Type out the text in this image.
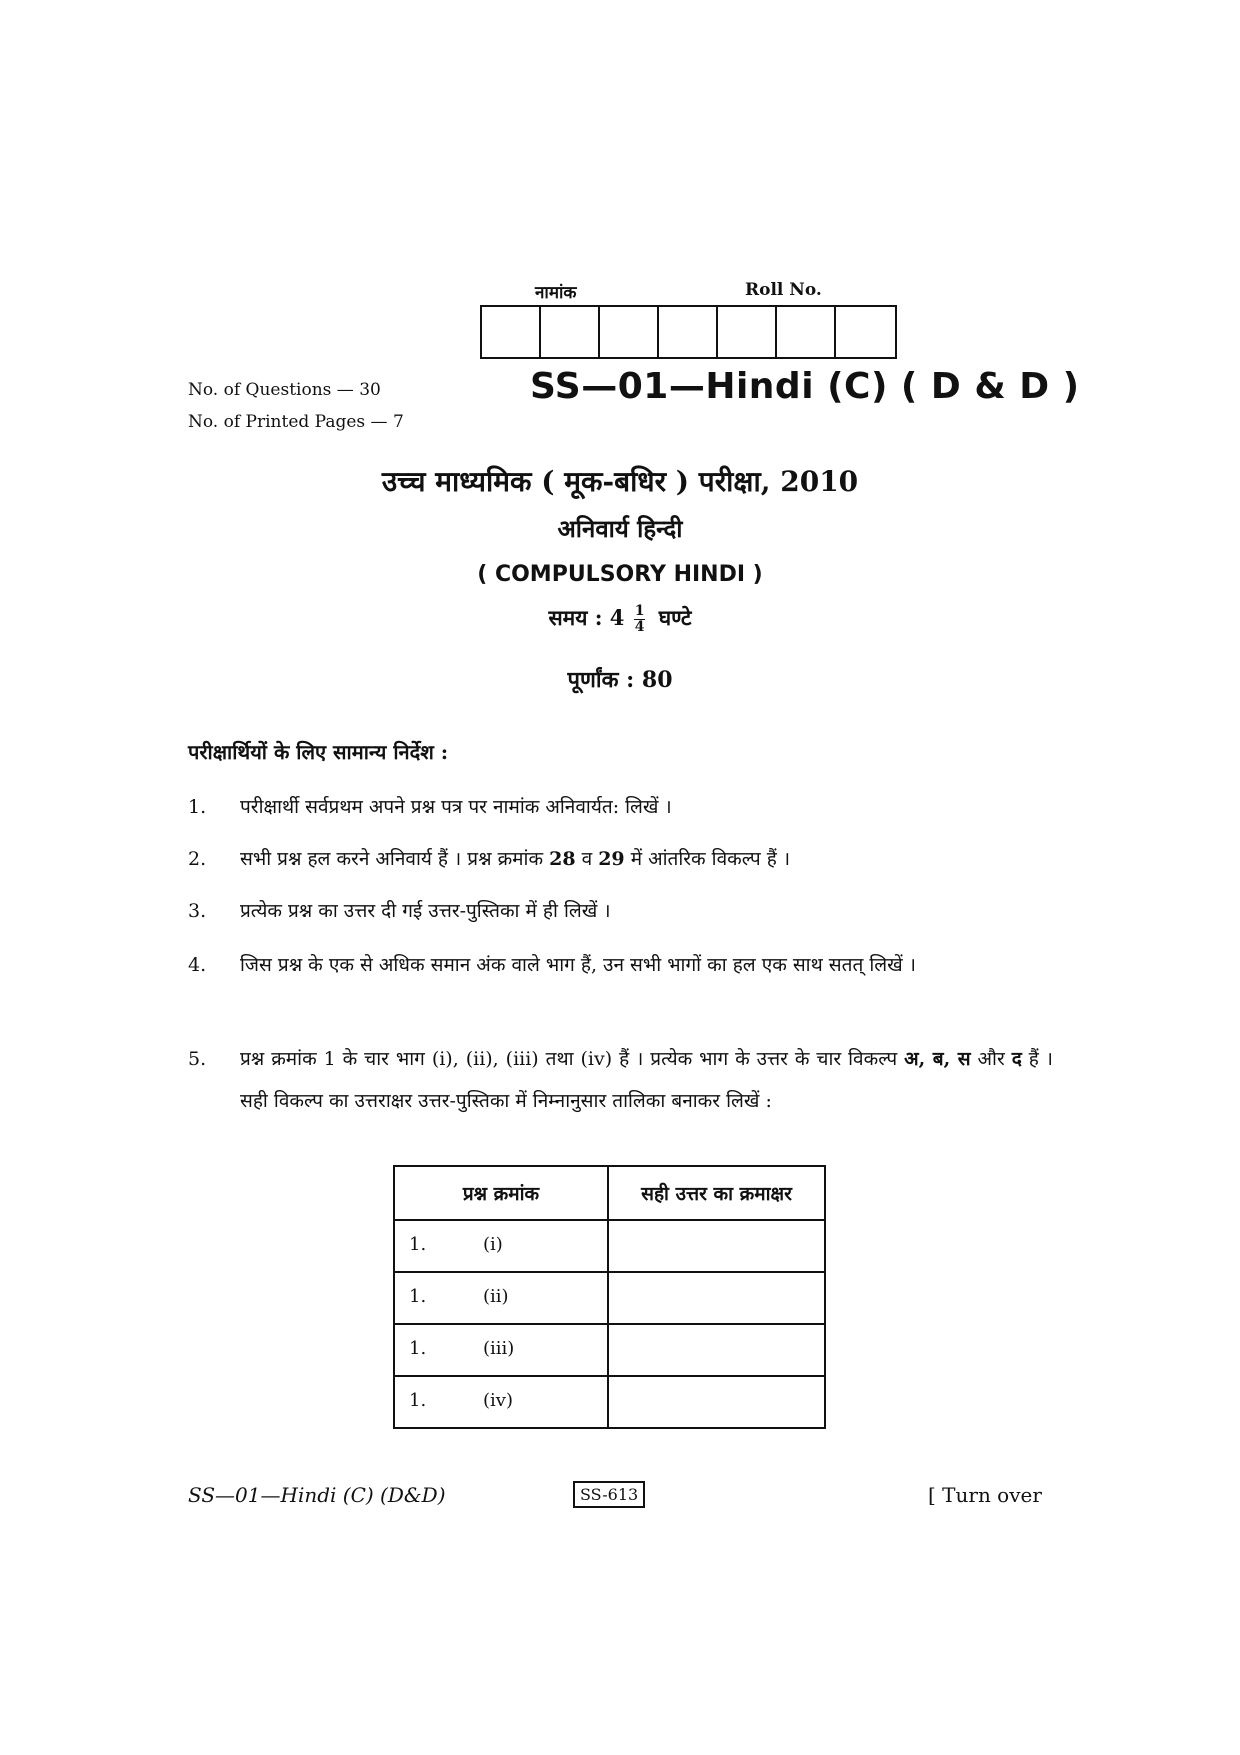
नामांक	Roll No.
No. of Questions — 30
No. of Printed Pages — 7
SS—01—Hindi (C) ( D & D )
उच्च माध्यमिक ( मूक-बधिर ) परीक्षा, 2010
अनिवार्य हिन्दी
( COMPULSORY HINDI )
समय : $4 \frac{1}{4}$ घण्टे
पूर्णांक : 80
परीक्षार्थियों के लिए सामान्य निर्देश :
1. परीक्षार्थी सर्वप्रथम अपने प्रश्न पत्र पर नामांक अनिवार्यत: लिखें ।
2. सभी प्रश्न हल करने अनिवार्य हैं । प्रश्न क्रमांक 28 व 29 में आंतरिक विकल्प हैं ।
3. प्रत्येक प्रश्न का उत्तर दी गई उत्तर-पुस्तिका में ही लिखें ।
4. जिस प्रश्न के एक से अधिक समान अंक वाले भाग हैं, उन सभी भागों का हल एक साथ सतत् लिखें ।
5. प्रश्न क्रमांक 1 के चार भाग (i), (ii), (iii) तथा (iv) हैं । प्रत्येक भाग के उत्तर के चार विकल्प अ, ब, स और द हैं । सही विकल्प का उत्तराक्षर उत्तर-पुस्तिका में निम्नानुसार तालिका बनाकर लिखें :
प्रश्न क्रमांक	सही उत्तर का क्रमाक्षर

1. (i)	

1. (ii)	

1. (iii)	

1. (iv)	

SS—01—Hindi (C) (D&D)	SS-613	[ Turn over
